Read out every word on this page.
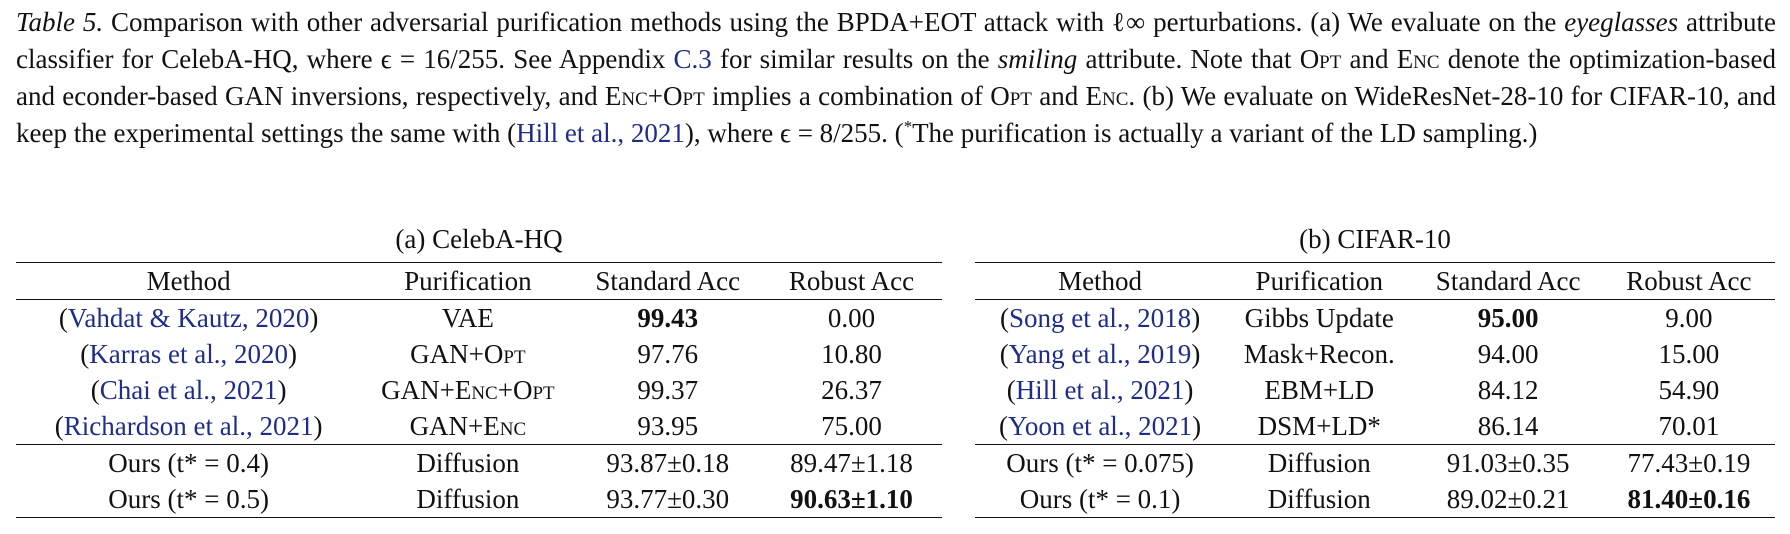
Table 5. Comparison with other adversarial purification methods using the BPDA+EOT attack with ℓ∞ perturbations. (a) We evaluate on the eyeglasses attribute classifier for CelebA-HQ, where ϵ = 16/255. See Appendix C.3 for similar results on the smiling attribute. Note that Opt and Enc denote the optimization-based and econder-based GAN inversions, respectively, and Enc+Opt implies a combination of Opt and Enc. (b) We evaluate on WideResNet-28-10 for CIFAR-10, and keep the experimental settings the same with (Hill et al., 2021), where ϵ = 8/255. (*The purification is actually a variant of the LD sampling.)
(a) CelebA-HQ
Method	Purification	Standard Acc	Robust Acc
(Vahdat & Kautz, 2020)	VAE	99.43	0.00
(Karras et al., 2020)	GAN+Opt	97.76	10.80
(Chai et al., 2021)	GAN+Enc+Opt	99.37	26.37
(Richardson et al., 2021)	GAN+Enc	93.95	75.00
Ours (t* = 0.4)	Diffusion	93.87±0.18	89.47±1.18
Ours (t* = 0.5)	Diffusion	93.77±0.30	90.63±1.10
(b) CIFAR-10
Method	Purification	Standard Acc	Robust Acc
(Song et al., 2018)	Gibbs Update	95.00	9.00
(Yang et al., 2019)	Mask+Recon.	94.00	15.00
(Hill et al., 2021)	EBM+LD	84.12	54.90
(Yoon et al., 2021)	DSM+LD*	86.14	70.01
Ours (t* = 0.075)	Diffusion	91.03±0.35	77.43±0.19
Ours (t* = 0.1)	Diffusion	89.02±0.21	81.40±0.16
